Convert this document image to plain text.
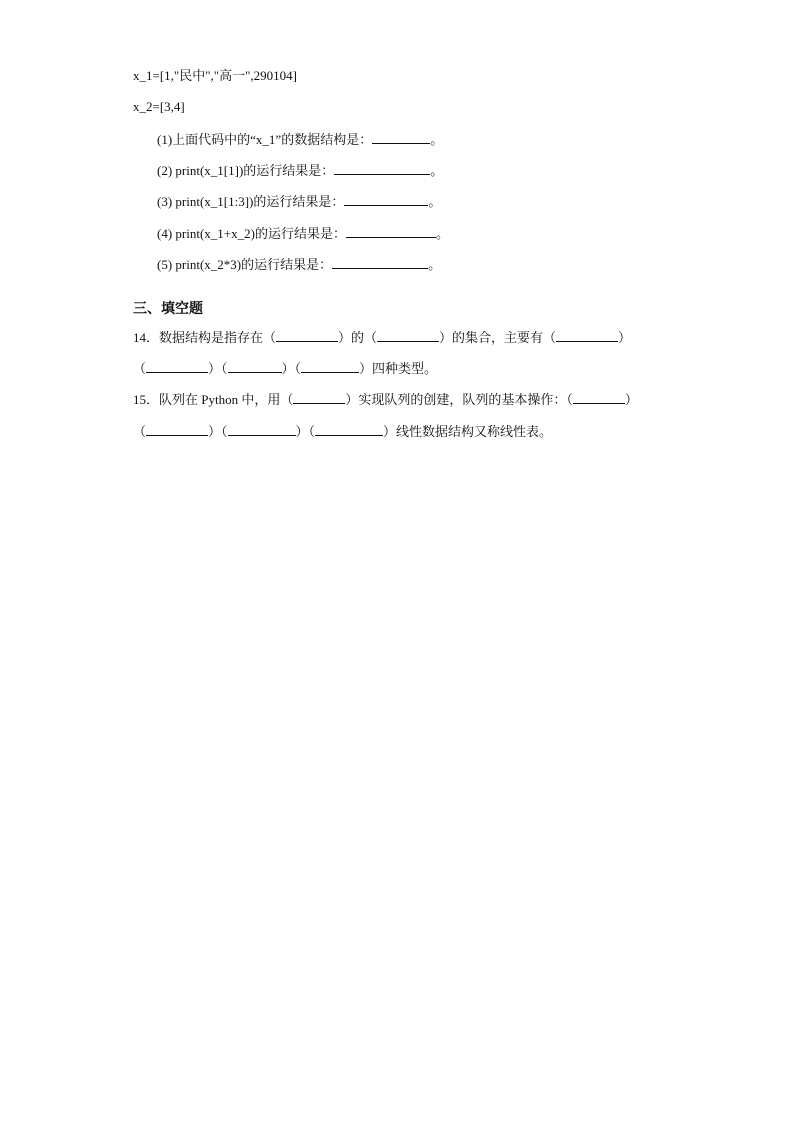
x_1=[1,"民中","高一",290104]
x_2=[3,4]
(1)上面代码中的“x_1”的数据结构是：	。
(2) print(x_1[1])的运行结果是：	。
(3) print(x_1[1:3])的运行结果是：	。
(4) print(x_1+x_2)的运行结果是：	。
(5) print(x_2*3)的运行结果是：	。
三、填空题
14．数据结构是指存在（	）的（	）的集合，主要有（	）
（	）（	）（	）四种类型。
15．队列在 Python 中，用（	）实现队列的创建，队列的基本操作：（	）
（	）（	）（	）线性数据结构又称线性表。
